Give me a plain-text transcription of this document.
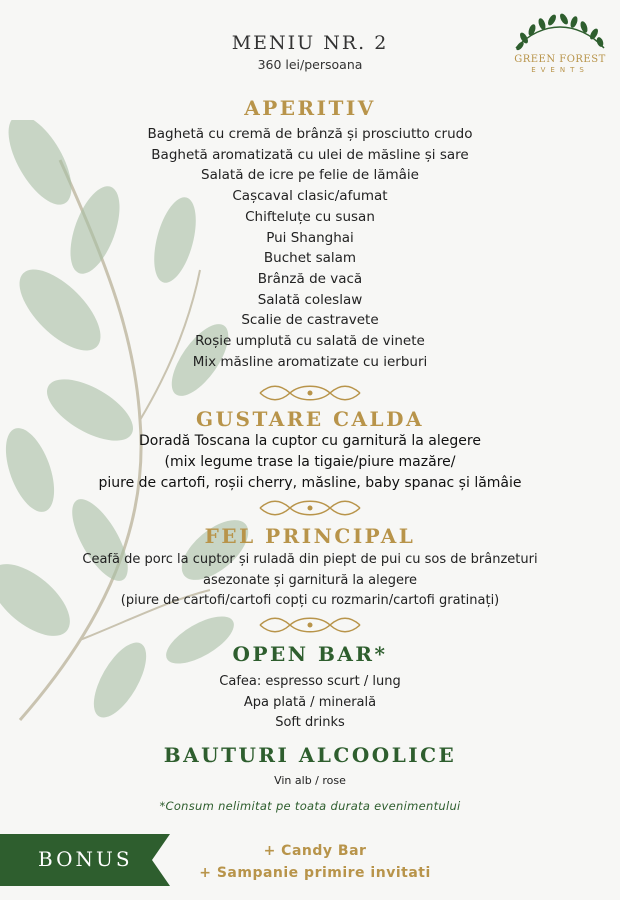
GREEN FOREST
EVENTS
MENIU NR. 2
360 lei/persoana
APERITIV
Baghetă cu cremă de brânză și prosciutto crudo
Baghetă aromatizată cu ulei de măsline și sare
Salată de icre pe felie de lămâie
Cașcaval clasic/afumat
Chifteluțe cu susan
Pui Shanghai
Buchet salam
Brânză de vacă
Salată coleslaw
Scalie de castravete
Roșie umplută cu salată de vinete
Mix măsline aromatizate cu ierburi
GUSTARE CALDA
Doradă Toscana la cuptor cu garnitură la alegere
(mix legume trase la tigaie/piure mazăre/
piure de cartofi, roșii cherry, măsline, baby spanac și lămâie
FEL PRINCIPAL
Ceafă de porc la cuptor și ruladă din piept de pui cu sos de brânzeturi
asezonate și garnitură la alegere
(piure de cartofi/cartofi copți cu rozmarin/cartofi gratinați)
OPEN BAR*
Cafea: espresso scurt / lung
Apa plată / minerală
Soft drinks
BAUTURI ALCOOLICE
Vin alb / rose
*Consum nelimitat pe toata durata evenimentului
BONUS	+ Candy Bar
+ Sampanie primire invitati
